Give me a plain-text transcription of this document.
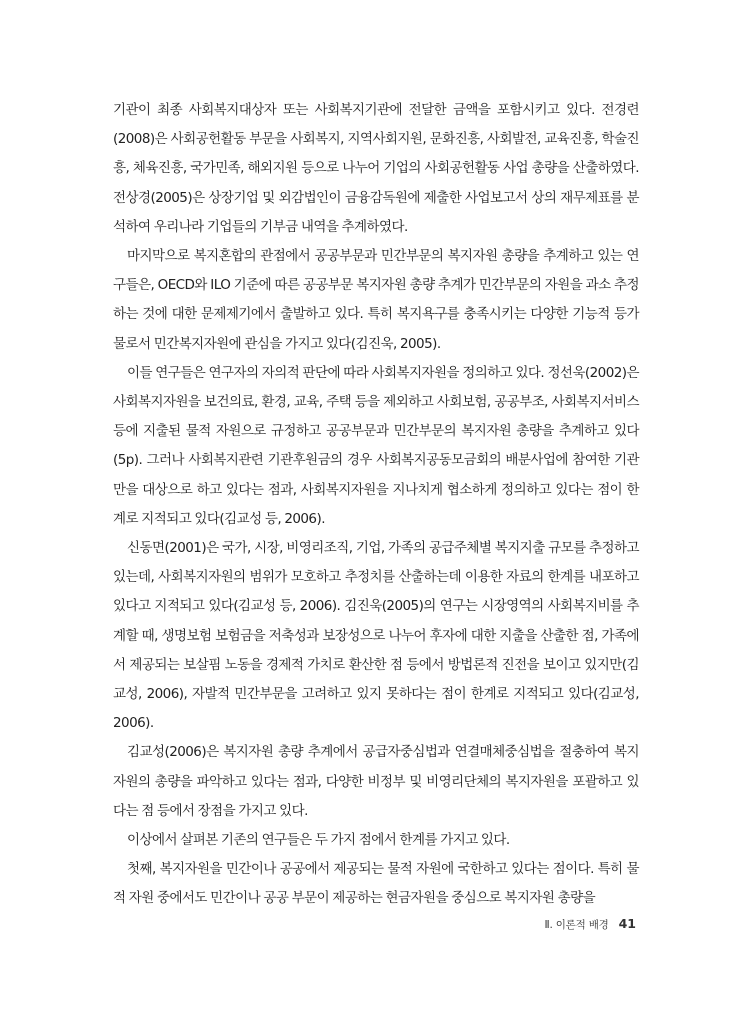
기관이 최종 사회복지대상자 또는 사회복지기관에 전달한 금액을 포함시키고 있다. 전경련(2008)은 사회공헌활동 부문을 사회복지, 지역사회지원, 문화진흥, 사회발전, 교육진흥, 학술진흥, 체육진흥, 국가민족, 해외지원 등으로 나누어 기업의 사회공헌활동 사업 총량을 산출하였다. 전상경(2005)은 상장기업 및 외감법인이 금융감독원에 제출한 사업보고서 상의 재무제표를 분석하여 우리나라 기업들의 기부금 내역을 추계하였다.

마지막으로 복지혼합의 관점에서 공공부문과 민간부문의 복지자원 총량을 추계하고 있는 연구들은, OECD와 ILO 기준에 따른 공공부문 복지자원 총량 추계가 민간부문의 자원을 과소 추정하는 것에 대한 문제제기에서 출발하고 있다. 특히 복지욕구를 충족시키는 다양한 기능적 등가물로서 민간복지자원에 관심을 가지고 있다(김진욱, 2005).

이들 연구들은 연구자의 자의적 판단에 따라 사회복지자원을 정의하고 있다. 정선욱(2002)은 사회복지자원을 보건의료, 환경, 교육, 주택 등을 제외하고 사회보험, 공공부조, 사회복지서비스 등에 지출된 물적 자원으로 규정하고 공공부문과 민간부문의 복지자원 총량을 추계하고 있다(5p). 그러나 사회복지관련 기관후원금의 경우 사회복지공동모금회의 배분사업에 참여한 기관만을 대상으로 하고 있다는 점과, 사회복지자원을 지나치게 협소하게 정의하고 있다는 점이 한계로 지적되고 있다(김교성 등, 2006).

신동면(2001)은 국가, 시장, 비영리조직, 기업, 가족의 공급주체별 복지지출 규모를 추정하고 있는데, 사회복지자원의 범위가 모호하고 추정치를 산출하는데 이용한 자료의 한계를 내포하고 있다고 지적되고 있다(김교성 등, 2006). 김진욱(2005)의 연구는 시장영역의 사회복지비를 추계할 때, 생명보험 보험금을 저축성과 보장성으로 나누어 후자에 대한 지출을 산출한 점, 가족에서 제공되는 보살핌 노동을 경제적 가치로 환산한 점 등에서 방법론적 진전을 보이고 있지만(김교성, 2006), 자발적 민간부문을 고려하고 있지 못하다는 점이 한계로 지적되고 있다(김교성, 2006).

김교성(2006)은 복지자원 총량 추계에서 공급자중심법과 연결매체중심법을 절충하여 복지자원의 총량을 파악하고 있다는 점과, 다양한 비정부 및 비영리단체의 복지자원을 포괄하고 있다는 점 등에서 장점을 가지고 있다.

이상에서 살펴본 기존의 연구들은 두 가지 점에서 한계를 가지고 있다.

첫째, 복지자원을 민간이나 공공에서 제공되는 물적 자원에 국한하고 있다는 점이다. 특히 물적 자원 중에서도 민간이나 공공 부문이 제공하는 현금자원을 중심으로 복지자원 총량을

Ⅱ. 이론적 배경 41
